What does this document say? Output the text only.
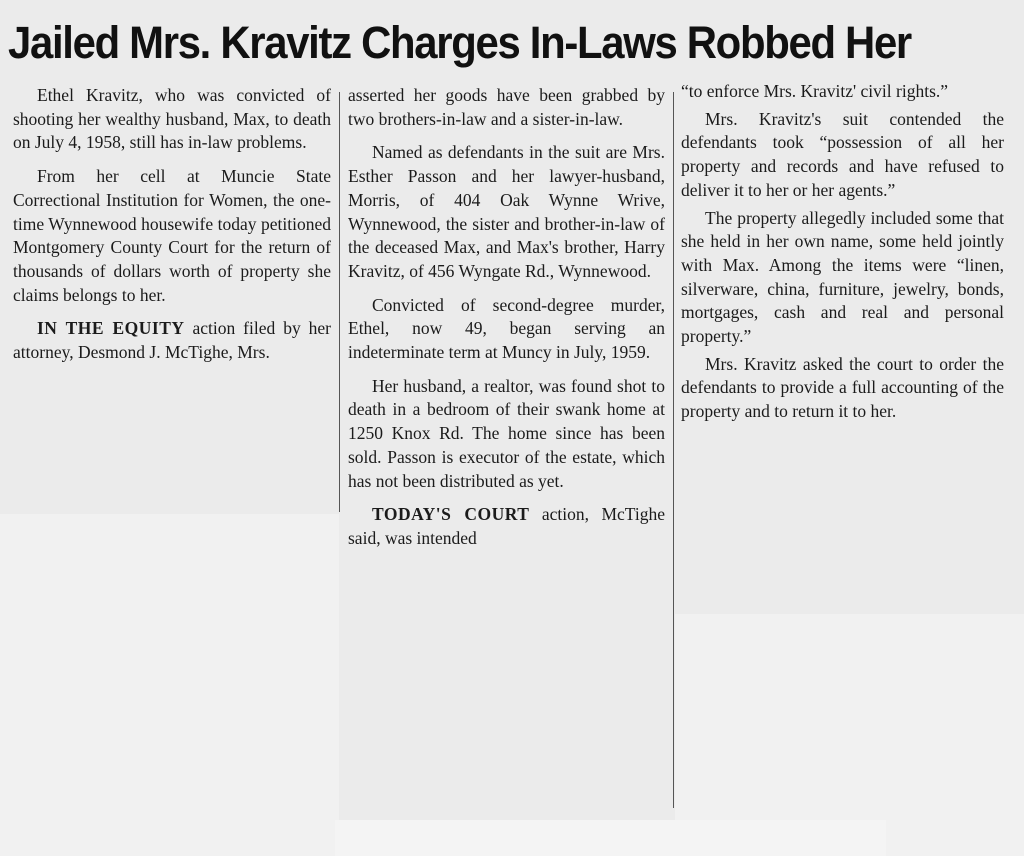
Jailed Mrs. Kravitz Charges In-Laws Robbed Her

Ethel Kravitz, who was convicted of shooting her wealthy husband, Max, to death on July 4, 1958, still has in-law problems.

From her cell at Muncie State Correctional Institution for Women, the one-time Wynnewood housewife today petitioned Montgomery County Court for the return of thousands of dollars worth of property she claims belongs to her.

IN THE EQUITY action filed by her attorney, Desmond J. McTighe, Mrs.

asserted her goods have been grabbed by two brothers-in-law and a sister-in-law.

Named as defendants in the suit are Mrs. Esther Passon and her lawyer-husband, Morris, of 404 Oak Wynne Wrive, Wynnewood, the sister and brother-in-law of the deceased Max, and Max's brother, Harry Kravitz, of 456 Wyngate Rd., Wynnewood.

Convicted of second-degree murder, Ethel, now 49, began serving an indeterminate term at Muncy in July, 1959.

Her husband, a realtor, was found shot to death in a bedroom of their swank home at 1250 Knox Rd. The home since has been sold. Passon is executor of the estate, which has not been distributed as yet.

TODAY'S COURT action, McTighe said, was intended

“to enforce Mrs. Kravitz' civil rights.”

Mrs. Kravitz's suit contended the defendants took “possession of all her property and records and have refused to deliver it to her or her agents.”

The property allegedly included some that she held in her own name, some held jointly with Max. Among the items were “linen, silverware, china, furniture, jewelry, bonds, mortgages, cash and real and personal property.”

Mrs. Kravitz asked the court to order the defendants to provide a full accounting of the property and to return it to her.
